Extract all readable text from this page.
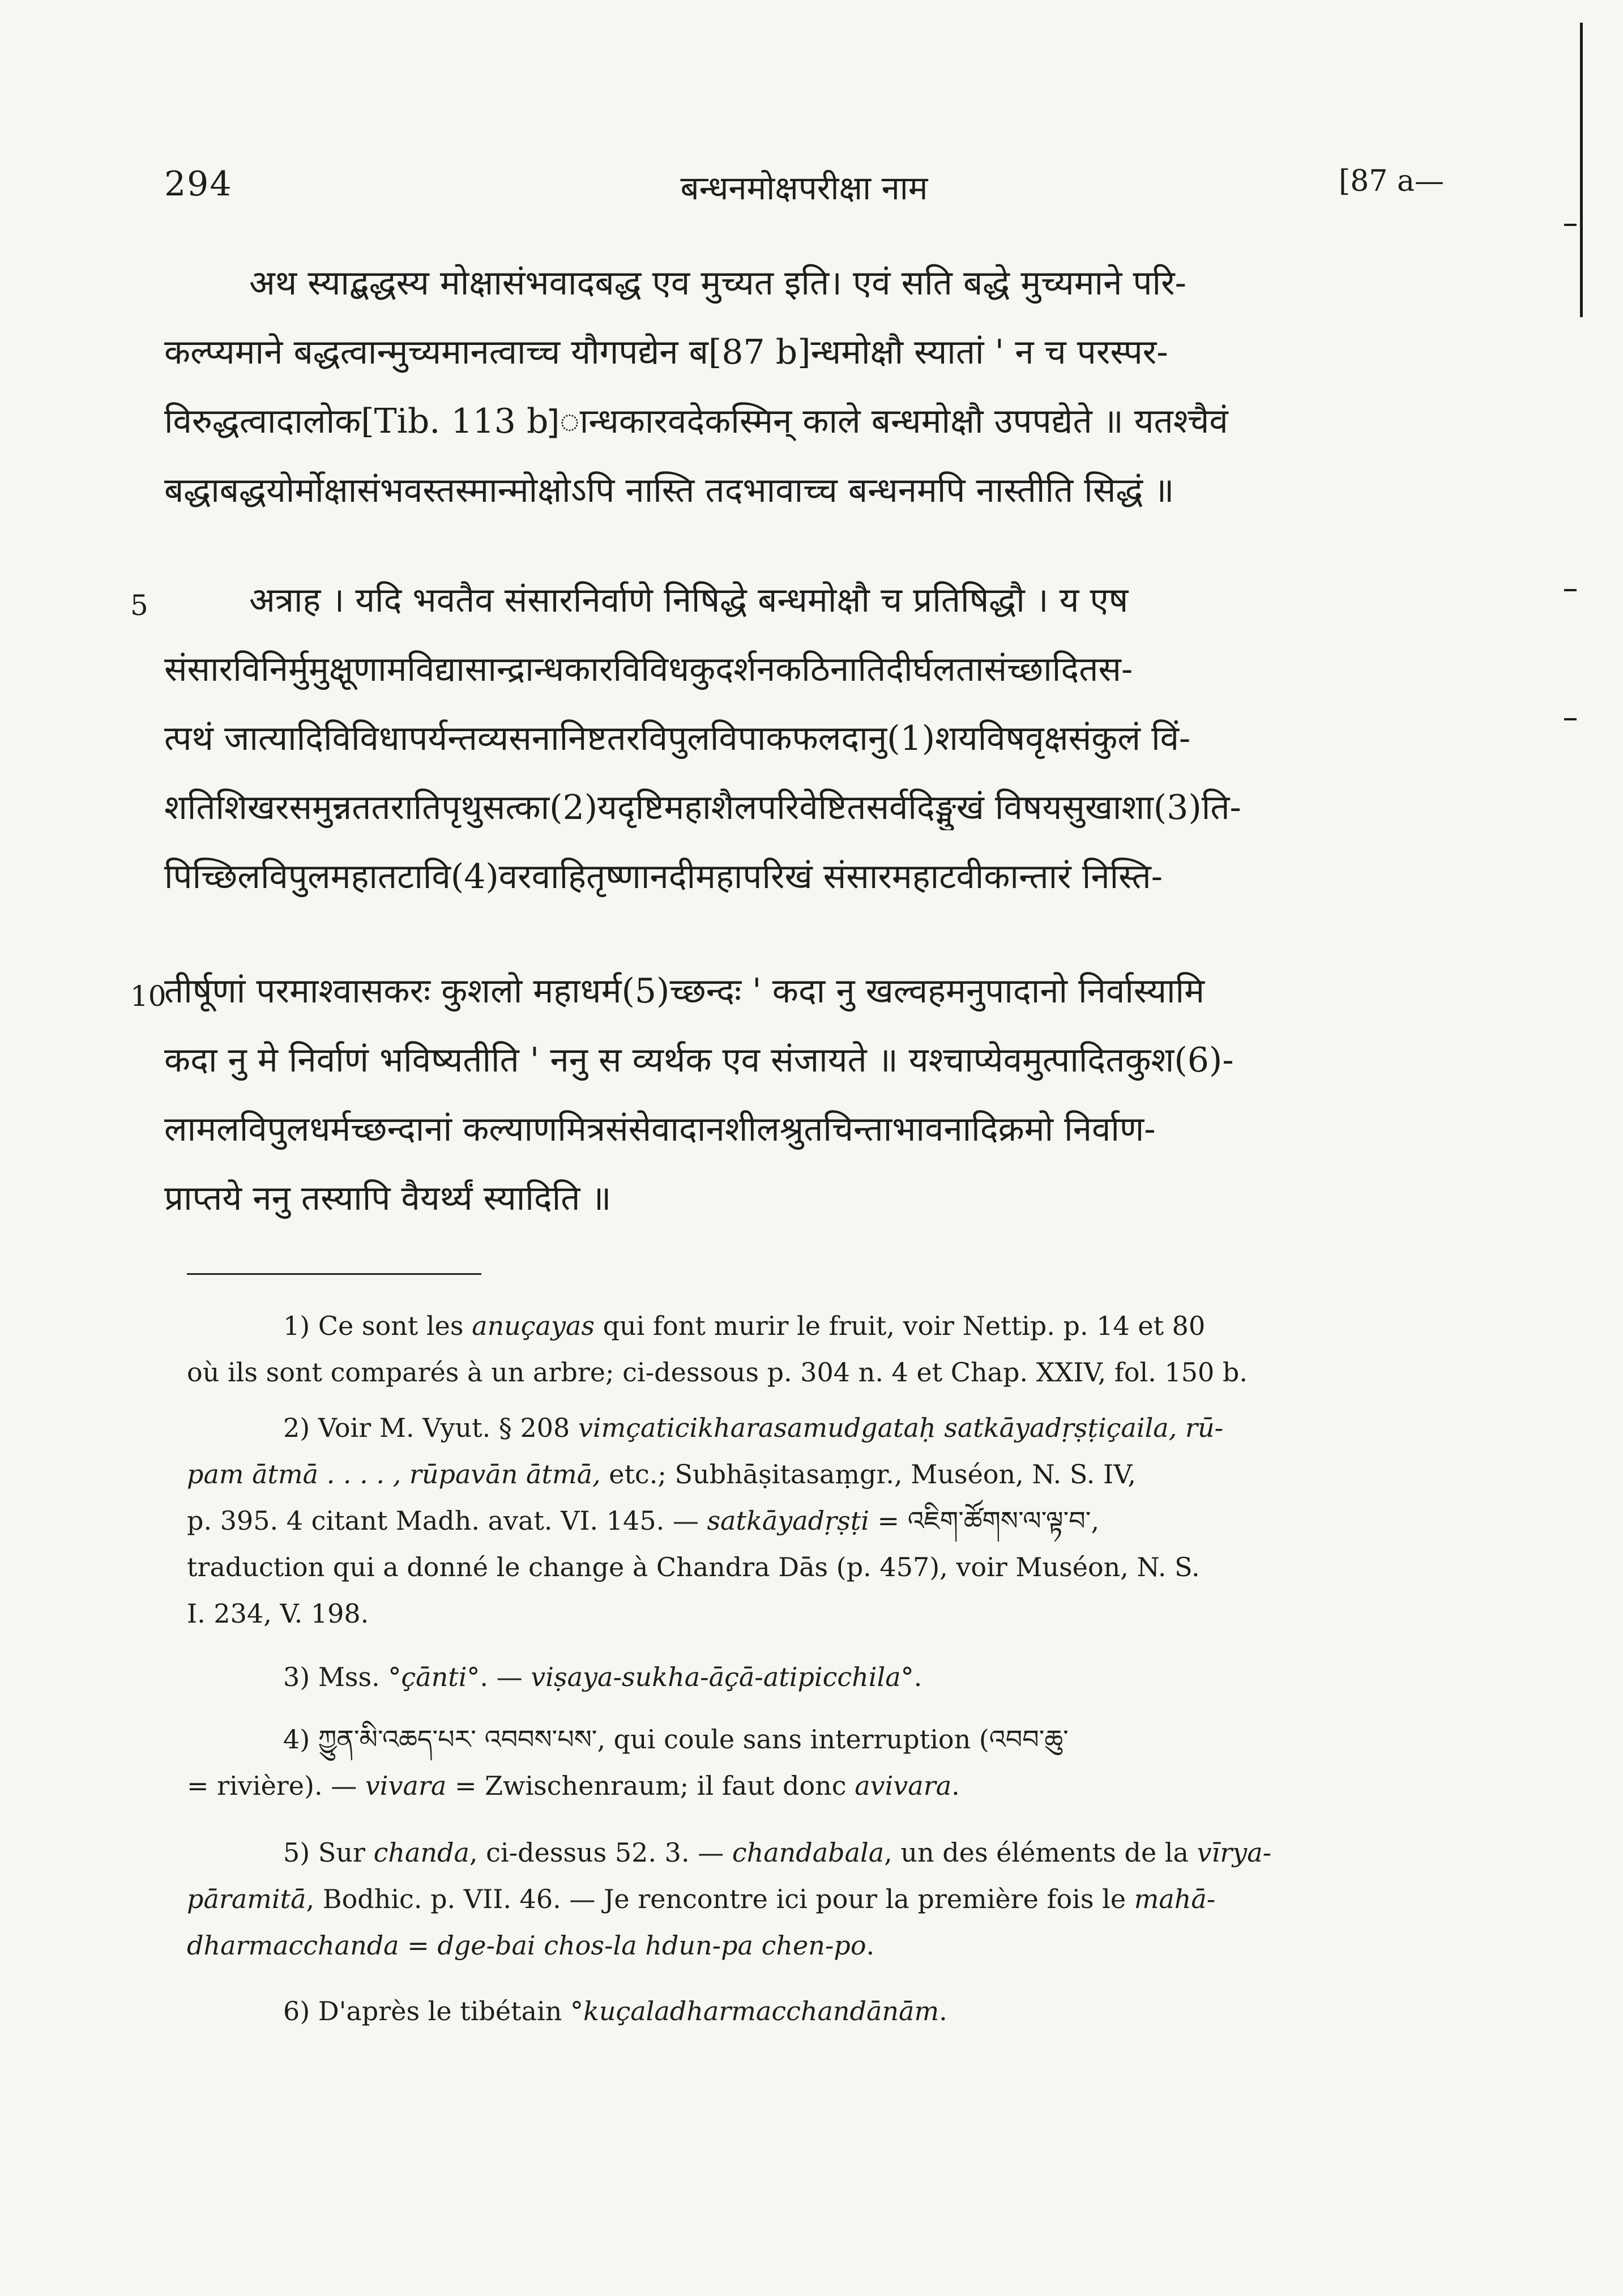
294	बन्धनमोक्षपरीक्षा नाम	[87 a—
अथ स्याद्बद्धस्य मोक्षासंभवादबद्ध एव मुच्यत इति। एवं सति बद्धे मुच्यमाने परि-
कल्प्यमाने बद्धत्वान्मुच्यमानत्वाच्च यौगपद्येन ब[87 b]न्धमोक्षौ स्यातां ' न च परस्पर-
विरुद्धत्वादालोक[Tib. 113 b]ान्धकारवदेकस्मिन् काले बन्धमोक्षौ उपपद्येते ॥ यतश्चैवं
बद्धाबद्धयोर्मोक्षासंभवस्तस्मान्मोक्षोऽपि नास्ति तदभावाच्च बन्धनमपि नास्तीति सिद्धं ॥
5	अत्राह । यदि भवतैव संसारनिर्वाणे निषिद्धे बन्धमोक्षौ च प्रतिषिद्धौ । य एष
संसारविनिर्मुमुक्षूणामविद्यासान्द्रान्धकारविविधकुदर्शनकठिनातिदीर्घलतासंच्छादितस-
त्पथं जात्यादिविविधापर्यन्तव्यसनानिष्टतरविपुलविपाकफलदानु(1)शयविषवृक्षसंकुलं विं-
शतिशिखरसमुन्नततरातिपृथुसत्का(2)यदृष्टिमहाशैलपरिवेष्टितसर्वदिङ्मुखं विषयसुखाशा(3)ति-
पिच्छिलविपुलमहातटावि(4)वरवाहितृष्णानदीमहापरिखं संसारमहाटवीकान्तारं निस्ति-
10
तीर्षूणां परमाश्वासकरः कुशलो महाधर्म(5)च्छन्दः ' कदा नु खल्वहमनुपादानो निर्वास्यामि
कदा नु मे निर्वाणं भविष्यतीति ' ननु स व्यर्थक एव संजायते ॥ यश्चाप्येवमुत्पादितकुश(6)-
लामलविपुलधर्मच्छन्दानां कल्याणमित्रसंसेवादानशीलश्रुतचिन्ताभावनादिक्रमो निर्वाण-
प्राप्तये ननु तस्यापि वैयर्थ्यं स्यादिति ॥
1) Ce sont les anuçayas qui font murir le fruit, voir Nettip. p. 14 et 80
où ils sont comparés à un arbre; ci-dessous p. 304 n. 4 et Chap. XXIV, fol. 150 b.
2) Voir M. Vyut. § 208 vimçaticikharasamudgataḥ satkāyadṛṣṭiçaila, rū-
pam ātmā . . . . , rūpavān ātmā, etc.; Subhāṣitasaṃgr., Muséon, N. S. IV,
p. 395. 4 citant Madh. avat. VI. 145. — satkāyadṛṣṭi = འཇིག་ཚོགས་ལ་ལྟ་བ་,
traduction qui a donné le change à Chandra Dās (p. 457), voir Muséon, N. S.
I. 234, V. 198.
3) Mss. °çānti°. — viṣaya-sukha-āçā-atipicchila°.
4) ཀྱུན་མི་འཆད་པར་ འབབས་པས་, qui coule sans interruption (འབབ་ཆུ་
= rivière). — vivara = Zwischenraum; il faut donc avivara.
5) Sur chanda, ci-dessus 52. 3. — chandabala, un des éléments de la vīrya-
pāramitā, Bodhic. p. VII. 46. — Je rencontre ici pour la première fois le mahā-
dharmacchanda = dge-bai chos-la hdun-pa chen-po.
6) D'après le tibétain °kuçaladharmacchandānām.
